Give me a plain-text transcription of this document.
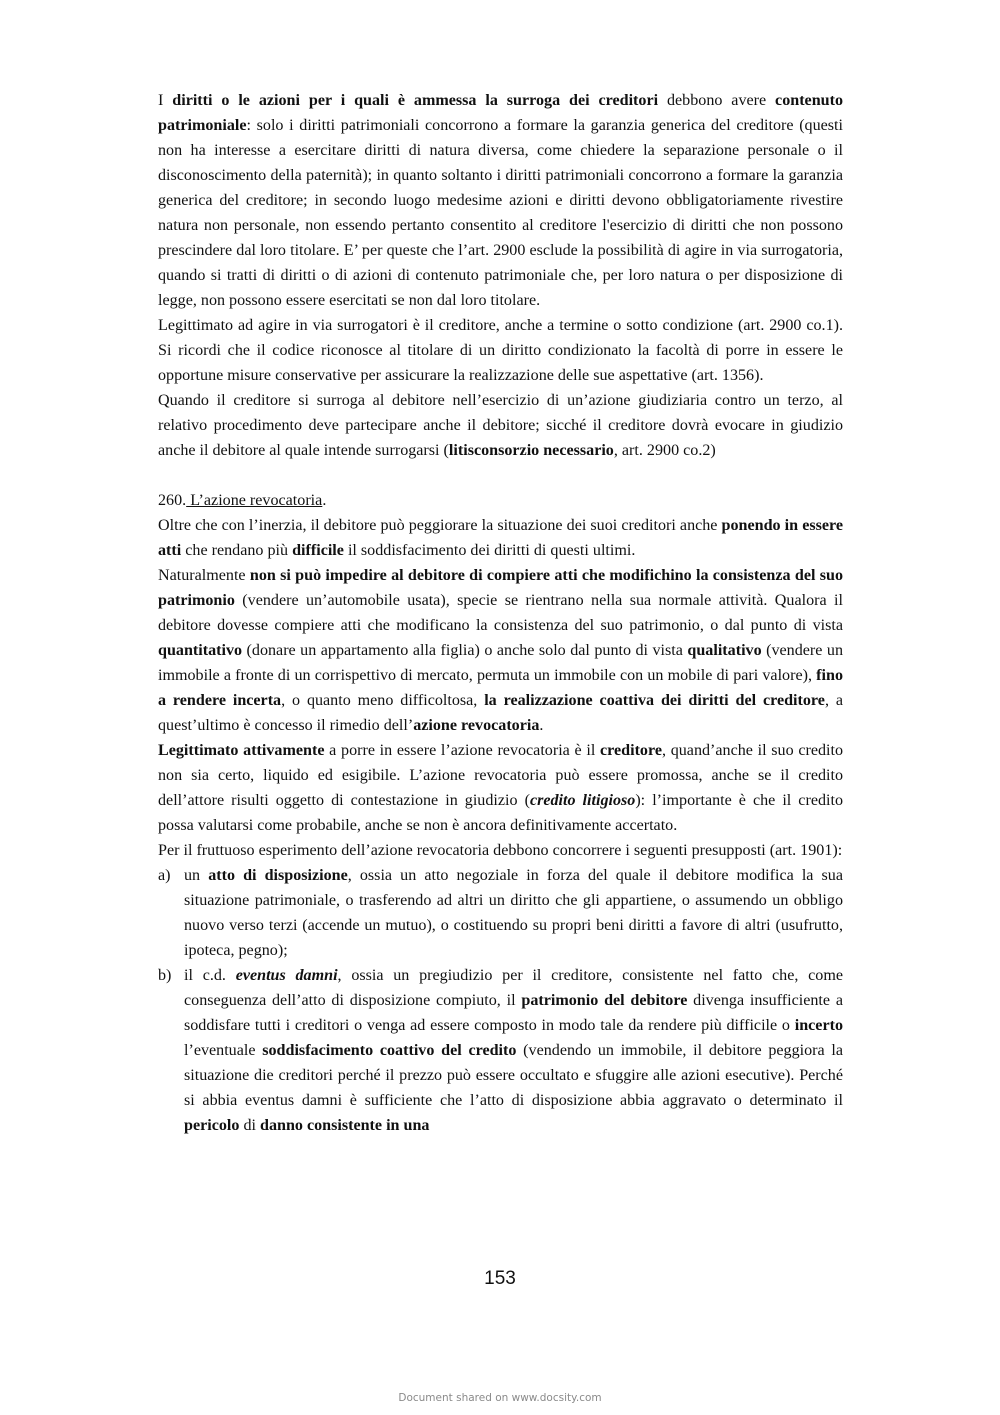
I diritti o le azioni per i quali è ammessa la surroga dei creditori debbono avere contenuto patrimoniale: solo i diritti patrimoniali concorrono a formare la garanzia generica del creditore (questi non ha interesse a esercitare diritti di natura diversa, come chiedere la separazione personale o il disconoscimento della paternità); in quanto soltanto i diritti patrimoniali concorrono a formare la garanzia generica del creditore; in secondo luogo medesime azioni e diritti devono obbligatoriamente rivestire natura non personale, non essendo pertanto consentito al creditore l'esercizio di diritti che non possono prescindere dal loro titolare. E’ per queste che l’art. 2900 esclude la possibilità di agire in via surrogatoria, quando si tratti di diritti o di azioni di contenuto patrimoniale che, per loro natura o per disposizione di legge, non possono essere esercitati se non dal loro titolare.

Legittimato ad agire in via surrogatori è il creditore, anche a termine o sotto condizione (art. 2900 co.1). Si ricordi che il codice riconosce al titolare di un diritto condizionato la facoltà di porre in essere le opportune misure conservative per assicurare la realizzazione delle sue aspettative (art. 1356).

Quando il creditore si surroga al debitore nell’esercizio di un’azione giudiziaria contro un terzo, al relativo procedimento deve partecipare anche il debitore; sicché il creditore dovrà evocare in giudizio anche il debitore al quale intende surrogarsi (litisconsorzio necessario, art. 2900 co.2)

260. L’azione revocatoria.

Oltre che con l’inerzia, il debitore può peggiorare la situazione dei suoi creditori anche ponendo in essere atti che rendano più difficile il soddisfacimento dei diritti di questi ultimi.

Naturalmente non si può impedire al debitore di compiere atti che modifichino la consistenza del suo patrimonio (vendere un’automobile usata), specie se rientrano nella sua normale attività. Qualora il debitore dovesse compiere atti che modificano la consistenza del suo patrimonio, o dal punto di vista quantitativo (donare un appartamento alla figlia) o anche solo dal punto di vista qualitativo (vendere un immobile a fronte di un corrispettivo di mercato, permuta un immobile con un mobile di pari valore), fino a rendere incerta, o quanto meno difficoltosa, la realizzazione coattiva dei diritti del creditore, a quest’ultimo è concesso il rimedio dell’azione revocatoria.

Legittimato attivamente a porre in essere l’azione revocatoria è il creditore, quand’anche il suo credito non sia certo, liquido ed esigibile. L’azione revocatoria può essere promossa, anche se il credito dell’attore risulti oggetto di contestazione in giudizio (credito litigioso): l’importante è che il credito possa valutarsi come probabile, anche se non è ancora definitivamente accertato.

Per il fruttuoso esperimento dell’azione revocatoria debbono concorrere i seguenti presupposti (art. 1901):

a) un atto di disposizione, ossia un atto negoziale in forza del quale il debitore modifica la sua situazione patrimoniale, o trasferendo ad altri un diritto che gli appartiene, o assumendo un obbligo nuovo verso terzi (accende un mutuo), o costituendo su propri beni diritti a favore di altri (usufrutto, ipoteca, pegno);

b) il c.d. eventus damni, ossia un pregiudizio per il creditore, consistente nel fatto che, come conseguenza dell’atto di disposizione compiuto, il patrimonio del debitore divenga insufficiente a soddisfare tutti i creditori o venga ad essere composto in modo tale da rendere più difficile o incerto l’eventuale soddisfacimento coattivo del credito (vendendo un immobile, il debitore peggiora la situazione die creditori perché il prezzo può essere occultato e sfuggire alle azioni esecutive). Perché si abbia eventus damni è sufficiente che l’atto di disposizione abbia aggravato o determinato il pericolo di danno consistente in una

153
Document shared on www.docsity.com
